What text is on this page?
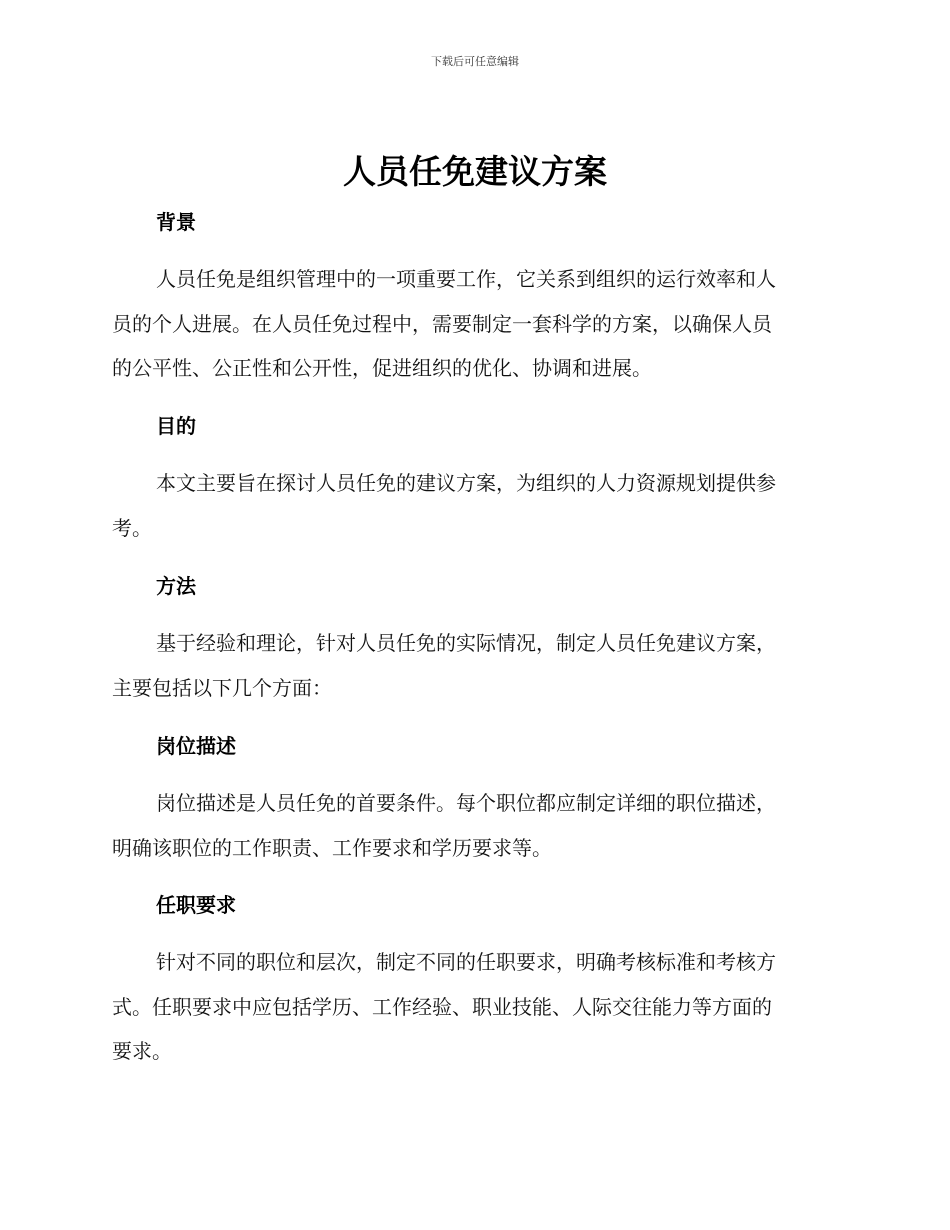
下载后可任意编辑
人员任免建议方案
背景
人员任免是组织管理中的一项重要工作，它关系到组织的运行效率和人
员的个人进展。在人员任免过程中，需要制定一套科学的方案，以确保人员
的公平性、公正性和公开性，促进组织的优化、协调和进展。
目的
本文主要旨在探讨人员任免的建议方案，为组织的人力资源规划提供参
考。
方法
基于经验和理论，针对人员任免的实际情况，制定人员任免建议方案，
主要包括以下几个方面：
岗位描述
岗位描述是人员任免的首要条件。每个职位都应制定详细的职位描述，
明确该职位的工作职责、工作要求和学历要求等。
任职要求
针对不同的职位和层次，制定不同的任职要求，明确考核标准和考核方
式。任职要求中应包括学历、工作经验、职业技能、人际交往能力等方面的
要求。
